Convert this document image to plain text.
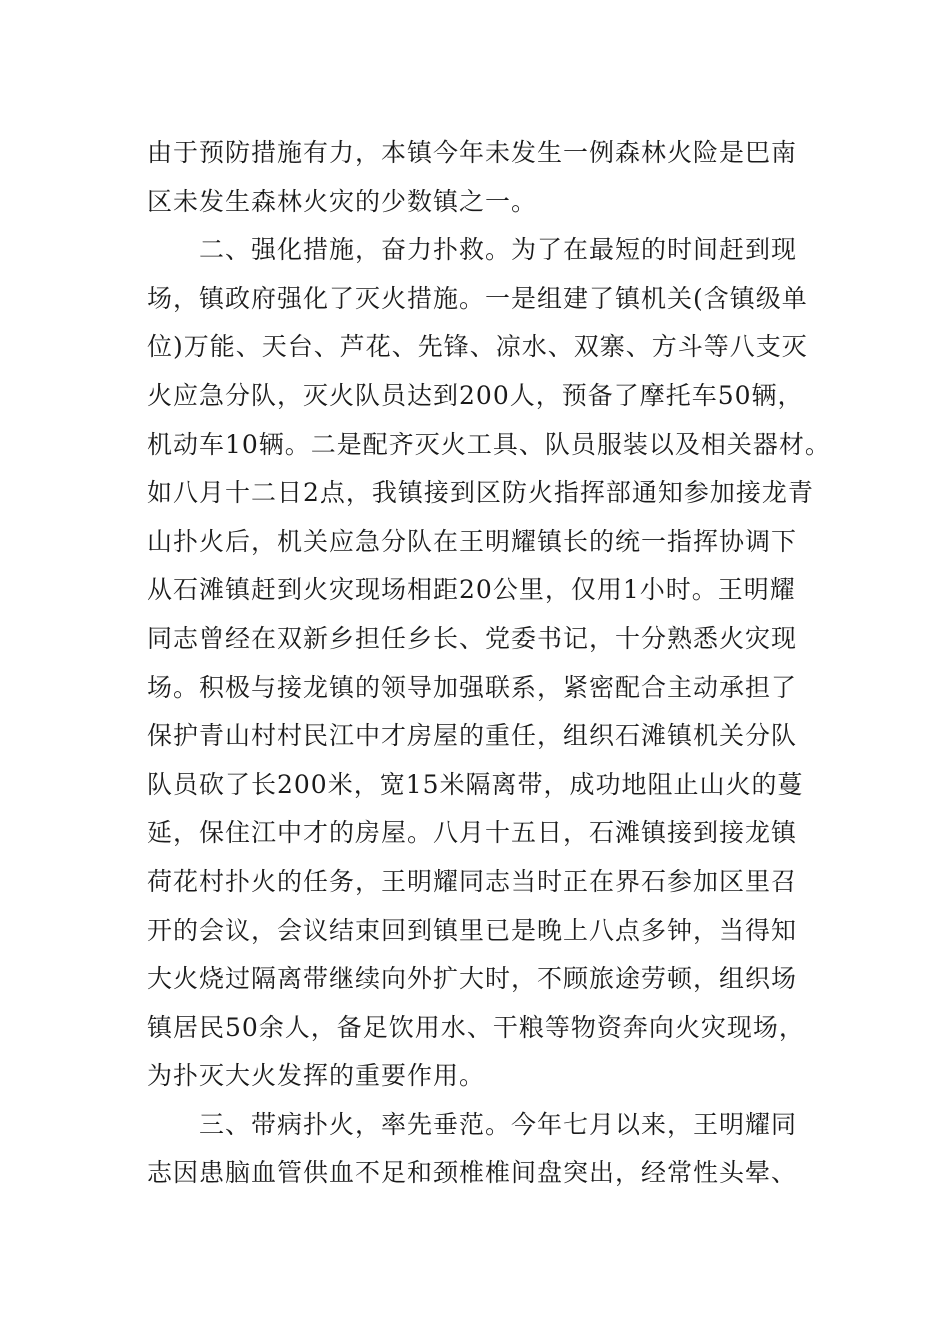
由于预防措施有力，本镇今年未发生一例森林火险是巴南
区未发生森林火灾的少数镇之一。
　　二、强化措施，奋力扑救。为了在最短的时间赶到现
场，镇政府强化了灭火措施。一是组建了镇机关(含镇级单
位)万能、天台、芦花、先锋、凉水、双寨、方斗等八支灭
火应急分队，灭火队员达到200人，预备了摩托车50辆，
机动车10辆。二是配齐灭火工具、队员服装以及相关器材。
如八月十二日2点，我镇接到区防火指挥部通知参加接龙青
山扑火后，机关应急分队在王明耀镇长的统一指挥协调下
从石滩镇赶到火灾现场相距20公里，仅用1小时。王明耀
同志曾经在双新乡担任乡长、党委书记，十分熟悉火灾现
场。积极与接龙镇的领导加强联系，紧密配合主动承担了
保护青山村村民江中才房屋的重任，组织石滩镇机关分队
队员砍了长200米，宽15米隔离带，成功地阻止山火的蔓
延，保住江中才的房屋。八月十五日，石滩镇接到接龙镇
荷花村扑火的任务，王明耀同志当时正在界石参加区里召
开的会议，会议结束回到镇里已是晚上八点多钟，当得知
大火烧过隔离带继续向外扩大时，不顾旅途劳顿，组织场
镇居民50余人，备足饮用水、干粮等物资奔向火灾现场，
为扑灭大火发挥的重要作用。
　　三、带病扑火，率先垂范。今年七月以来，王明耀同
志因患脑血管供血不足和颈椎椎间盘突出，经常性头晕、
